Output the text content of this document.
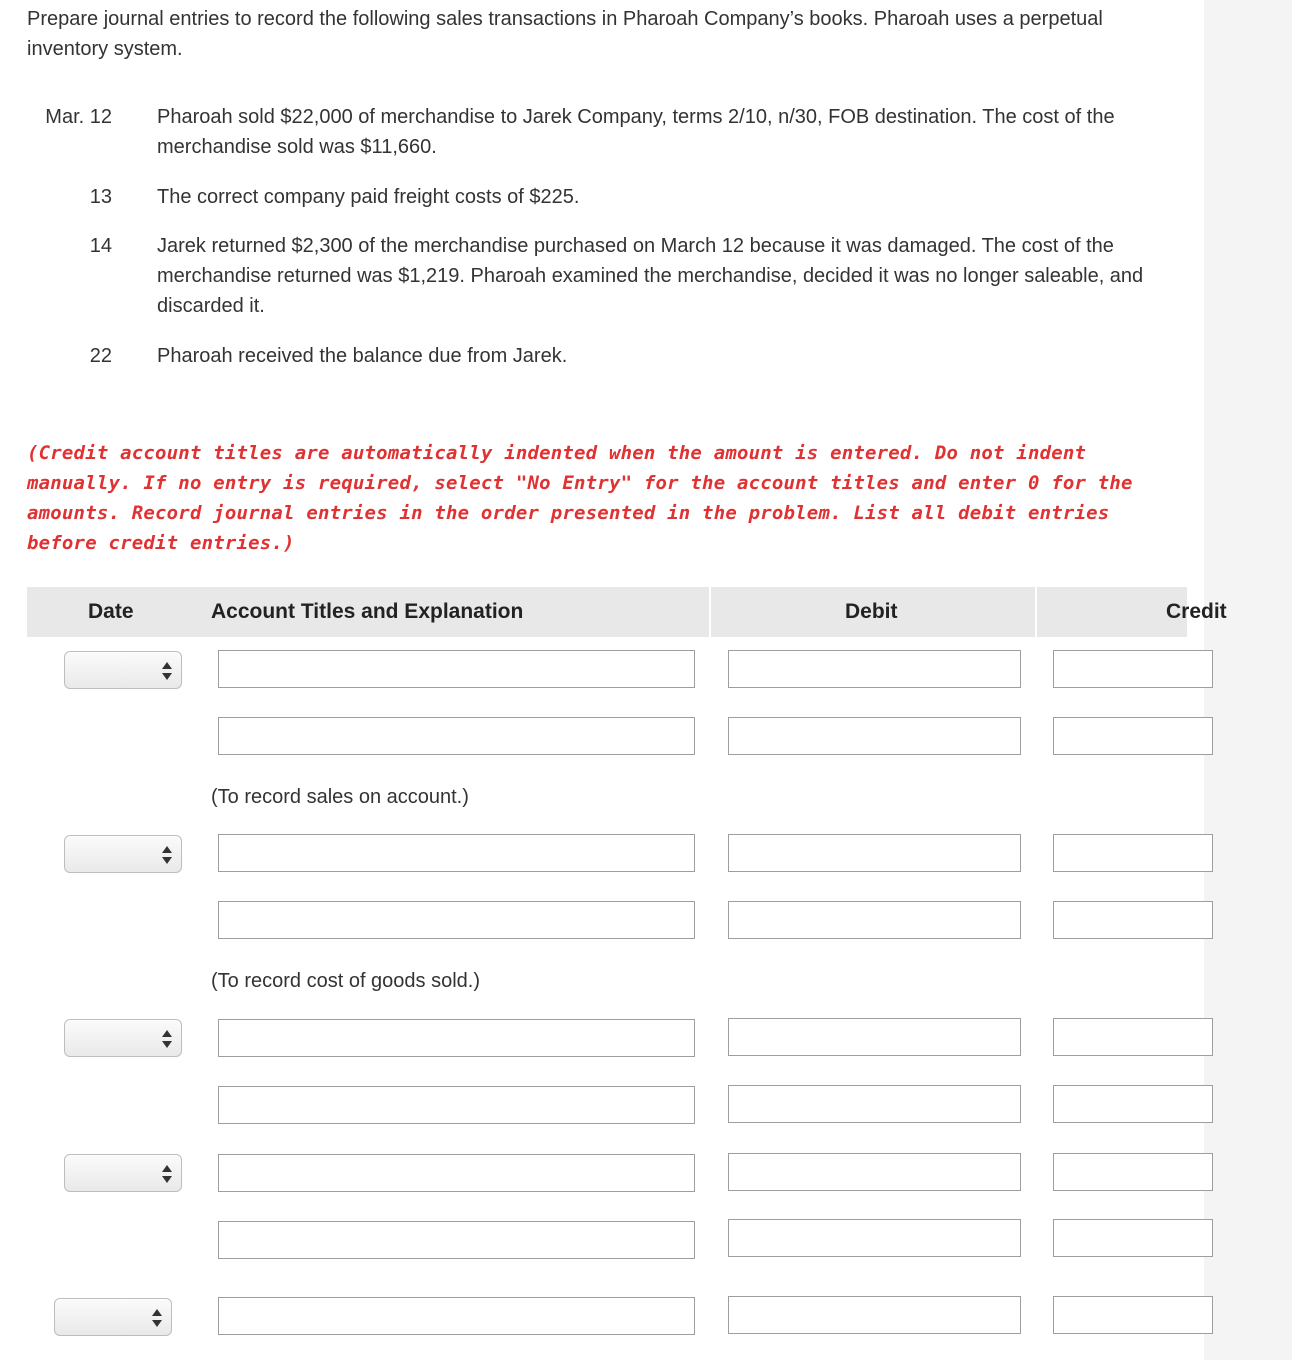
Prepare journal entries to record the following sales transactions in Pharoah Company’s books. Pharoah uses a perpetual inventory system.
Mar. 12 Pharoah sold $22,000 of merchandise to Jarek Company, terms 2/10, n/30, FOB destination. The cost of the merchandise sold was $11,660.
13 The correct company paid freight costs of $225.
14 Jarek returned $2,300 of the merchandise purchased on March 12 because it was damaged. The cost of the merchandise returned was $1,219. Pharoah examined the merchandise, decided it was no longer saleable, and discarded it.
22 Pharoah received the balance due from Jarek.
(Credit account titles are automatically indented when the amount is entered. Do not indent manually. If no entry is required, select "No Entry" for the account titles and enter 0 for the amounts. Record journal entries in the order presented in the problem. List all debit entries before credit entries.)
Date	Account Titles and Explanation	Debit	Credit
(To record sales on account.)
(To record cost of goods sold.)
